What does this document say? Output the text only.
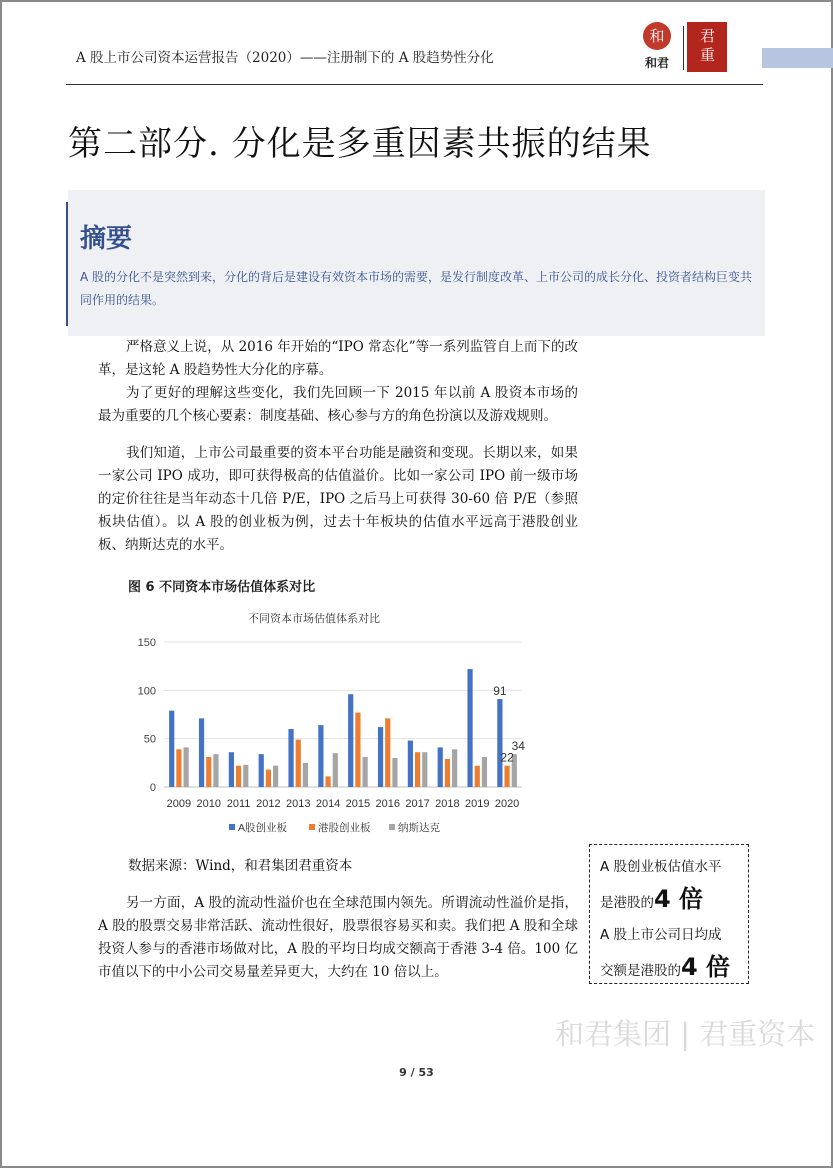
A 股上市公司资本运营报告（2020）——注册制下的 A 股趋势性分化
和
和君	君重
第二部分. 分化是多重因素共振的结果
摘要
A 股的分化不是突然到来，分化的背后是建设有效资本市场的需要，是发行制度改革、上市公司的成长分化、投资者结构巨变共同作用的结果。

严格意义上说，从 2016 年开始的“IPO 常态化”等一系列监管自上而下的改革，是这轮 A 股趋势性大分化的序幕。

为了更好的理解这些变化，我们先回顾一下 2015 年以前 A 股资本市场的最为重要的几个核心要素：制度基础、核心参与方的角色扮演以及游戏规则。

我们知道，上市公司最重要的资本平台功能是融资和变现。长期以来，如果一家公司 IPO 成功，即可获得极高的估值溢价。比如一家公司 IPO 前一级市场的定价往往是当年动态十几倍 P/E，IPO 之后马上可获得 30-60 倍 P/E（参照板块估值）。以 A 股的创业板为例，过去十年板块的估值水平远高于港股创业板、纳斯达克的水平。

图 6 不同资本市场估值体系对比
不同资本市场估值体系对比
0
50
100
150
2009 2010 2011 2012 2013 2014 2015 2016 2017 2018 2019 2020
91
22
34
A股创业板	港股创业板	纳斯达克
数据来源：Wind，和君集团君重资本	A 股创业板估值水平
是港股的4 倍
A 股上市公司日均成
交额是港股的4 倍

另一方面，A 股的流动性溢价也在全球范围内领先。所谓流动性溢价是指，A 股的股票交易非常活跃、流动性很好，股票很容易买和卖。我们把 A 股和全球投资人参与的香港市场做对比，A 股的平均日均成交额高于香港 3-4 倍。100 亿市值以下的中小公司交易量差异更大，大约在 10 倍以上。

和君集团 | 君重资本
9 / 53
